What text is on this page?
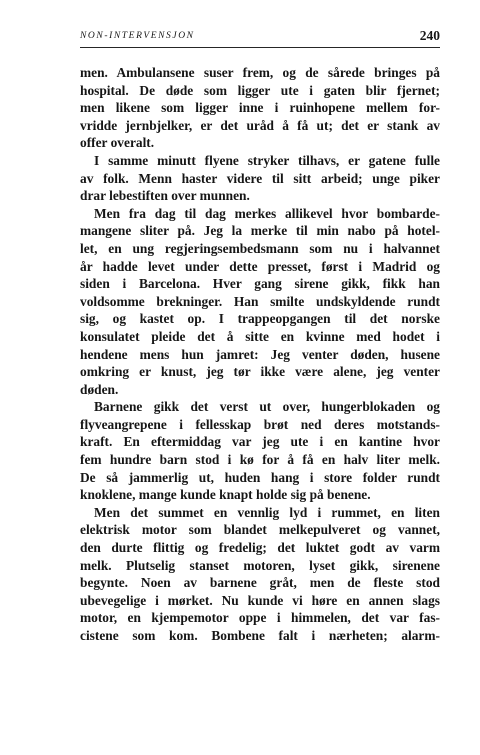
NON-INTERVENSJON	240
men. Ambulansene suser frem, og de sårede bringes på
hospital. De døde som ligger ute i gaten blir fjernet;
men likene som ligger inne i ruinhopene mellem for-
vridde jernbjelker, er det uråd å få ut; det er stank av
offer overalt.
I samme minutt flyene stryker tilhavs, er gatene fulle
av folk. Menn haster videre til sitt arbeid; unge piker
drar lebestiften over munnen.
Men fra dag til dag merkes allikevel hvor bombarde-
mangene sliter på. Jeg la merke til min nabo på hotel-
let, en ung regjeringsembedsmann som nu i halvannet
år hadde levet under dette presset, først i Madrid og
siden i Barcelona. Hver gang sirene gikk, fikk han
voldsomme brekninger. Han smilte undskyldende rundt
sig, og kastet op. I trappeopgangen til det norske
konsulatet pleide det å sitte en kvinne med hodet i
hendene mens hun jamret: Jeg venter døden, husene
omkring er knust, jeg tør ikke være alene, jeg venter
døden.
Barnene gikk det verst ut over, hungerblokaden og
flyveangrepene i fellesskap brøt ned deres motstands-
kraft. En eftermiddag var jeg ute i en kantine hvor
fem hundre barn stod i kø for å få en halv liter melk.
De så jammerlig ut, huden hang i store folder rundt
knoklene, mange kunde knapt holde sig på benene.
Men det summet en vennlig lyd i rummet, en liten
elektrisk motor som blandet melkepulveret og vannet,
den durte flittig og fredelig; det luktet godt av varm
melk. Plutselig stanset motoren, lyset gikk, sirenene
begynte. Noen av barnene gråt, men de fleste stod
ubevegelige i mørket. Nu kunde vi høre en annen slags
motor, en kjempemotor oppe i himmelen, det var fas-
cistene som kom. Bombene falt i nærheten; alarm-
